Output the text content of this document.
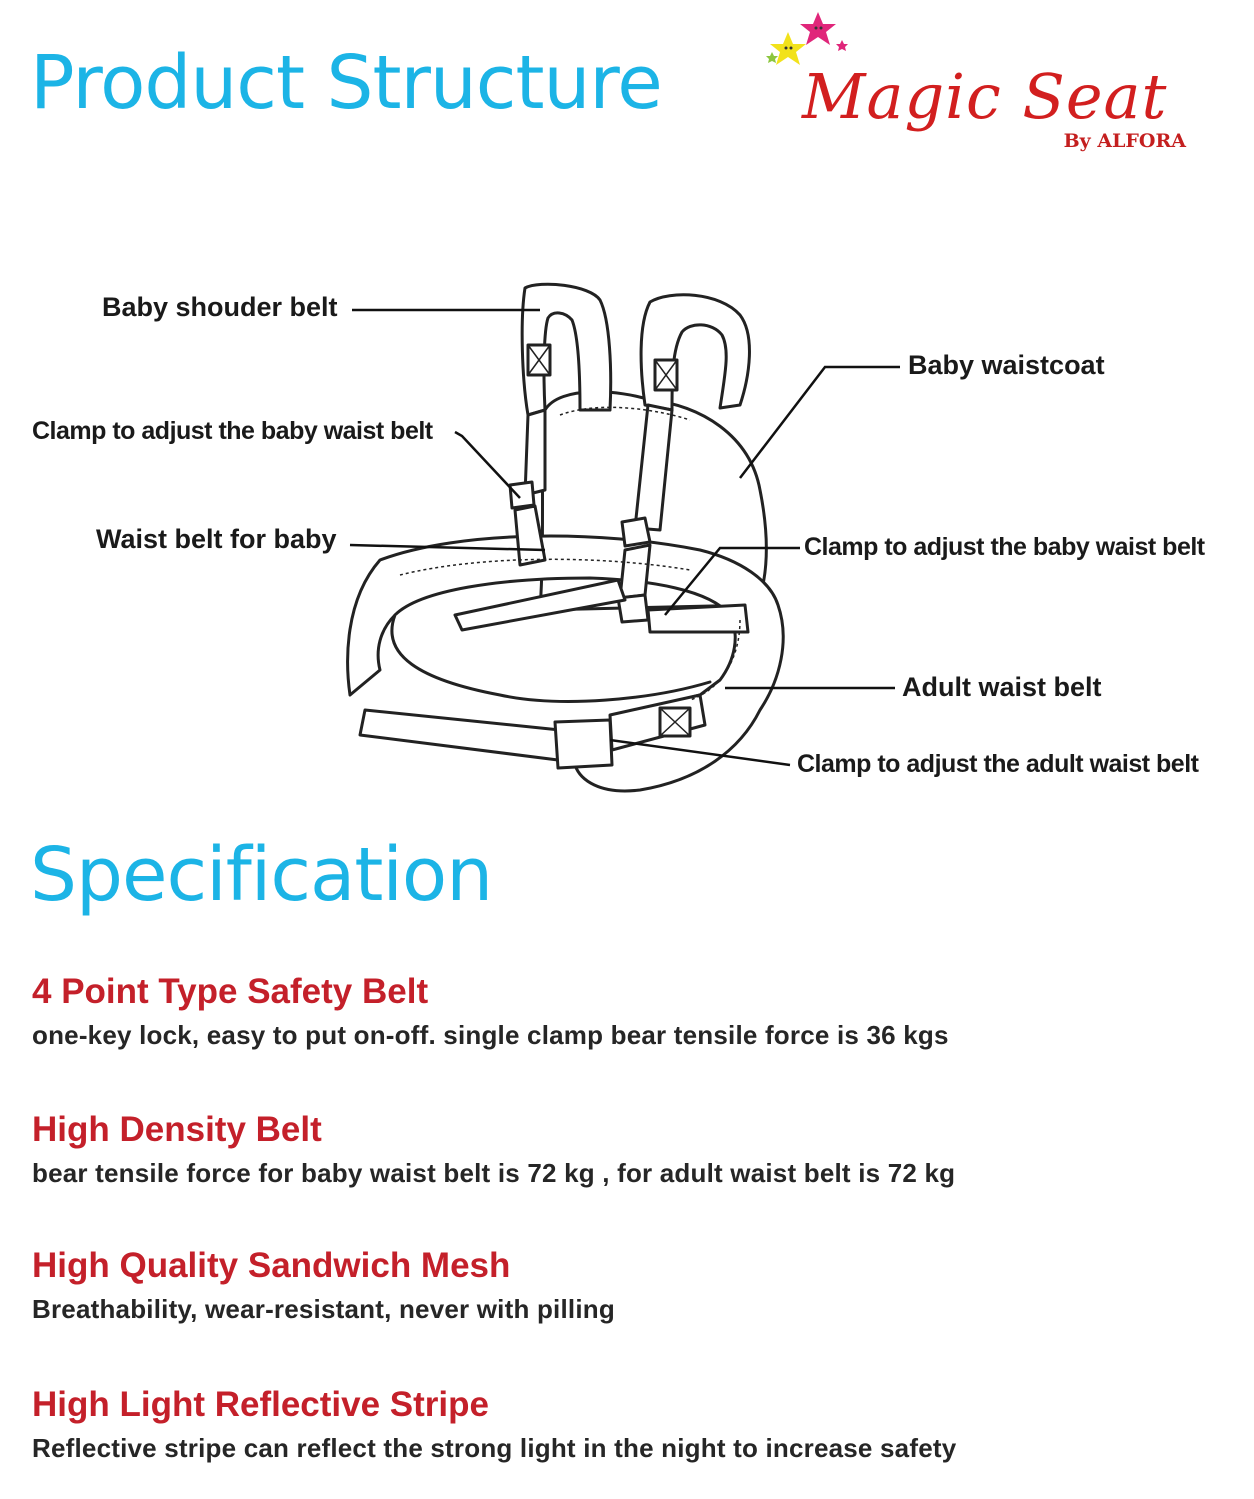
Product Structure Magic Seat
By ALFORA
Baby shouder belt
Clamp to adjust the baby waist belt
Waist belt for baby
Baby waistcoat
Clamp to adjust the baby waist belt
Adult waist belt
Clamp to adjust the adult waist belt
Specification
4 Point Type Safety Belt

one-key lock, easy to put on-off. single clamp bear tensile force is 36 kgs

High Density Belt

bear tensile force for baby waist belt is 72 kg , for adult waist belt is 72 kg

High Quality Sandwich Mesh

Breathability, wear-resistant, never with pilling

High Light Reflective Stripe

Reflective stripe can reflect the strong light in the night to increase safety
